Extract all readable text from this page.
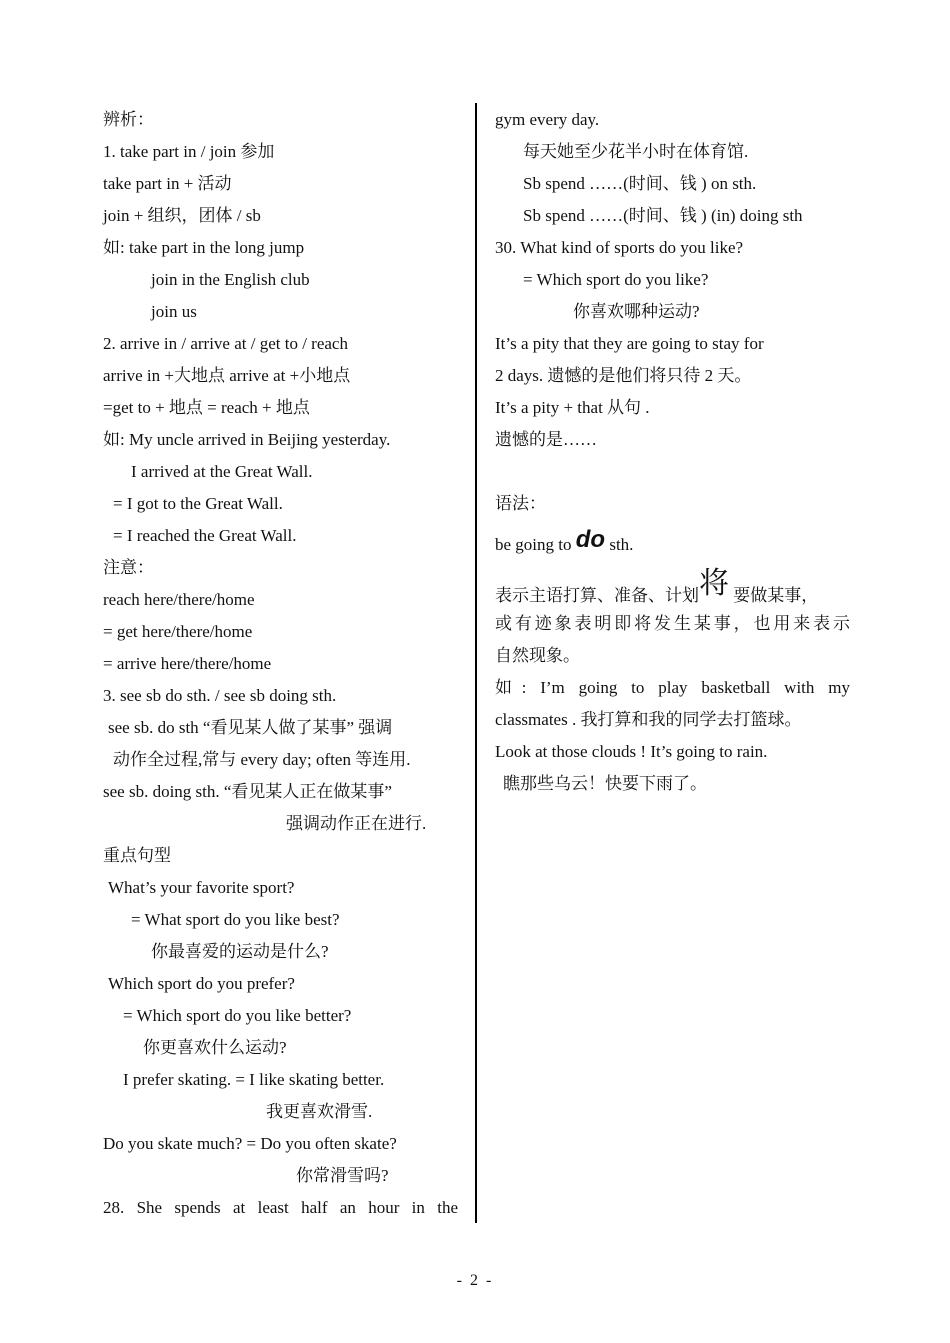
辨析：
1. take part in / join 参加
take part in + 活动
join + 组织，团体 / sb
如: take part in the long jump
join in the English club
join us
2. arrive in / arrive at / get to / reach
arrive in +大地点 arrive at +小地点
=get to + 地点 = reach + 地点
如: My uncle arrived in Beijing yesterday.
I arrived at the Great Wall.
= I got to the Great Wall.
= I reached the Great Wall.
注意：
reach here/there/home
= get here/there/home
= arrive here/there/home
3. see sb do sth. / see sb doing sth.
see sb. do sth “看见某人做了某事” 强调
动作全过程,常与 every day; often 等连用.
see sb. doing sth. “看见某人正在做某事”
强调动作正在进行.
重点句型
What’s your favorite sport?
= What sport do you like best?
你最喜爱的运动是什么?
Which sport do you prefer?
= Which sport do you like better?
你更喜欢什么运动?
I prefer skating. = I like skating better.
我更喜欢滑雪.
Do you skate much? = Do you often skate?
你常滑雪吗?
28. She spends at least half an hour in the
gym every day.
每天她至少花半小时在体育馆.
Sb spend ……(时间、钱 ) on sth.
Sb spend ……(时间、钱 ) (in) doing sth
30. What kind of sports do you like?
= Which sport do you like?
你喜欢哪种运动?
It’s a pity that they are going to stay for
2 days. 遗憾的是他们将只待 2 天。
It’s a pity + that 从句 .
遗憾的是……
语法：
be going to do sth.
表示主语打算、准备、计划将 要做某事，
或有迹象表明即将发生某事，也用来表示
自然现象。
如: I’m going to play basketball with my
classmates . 我打算和我的同学去打篮球。
Look at those clouds ! It’s going to rain.
瞧那些乌云！快要下雨了。
- 2 -
